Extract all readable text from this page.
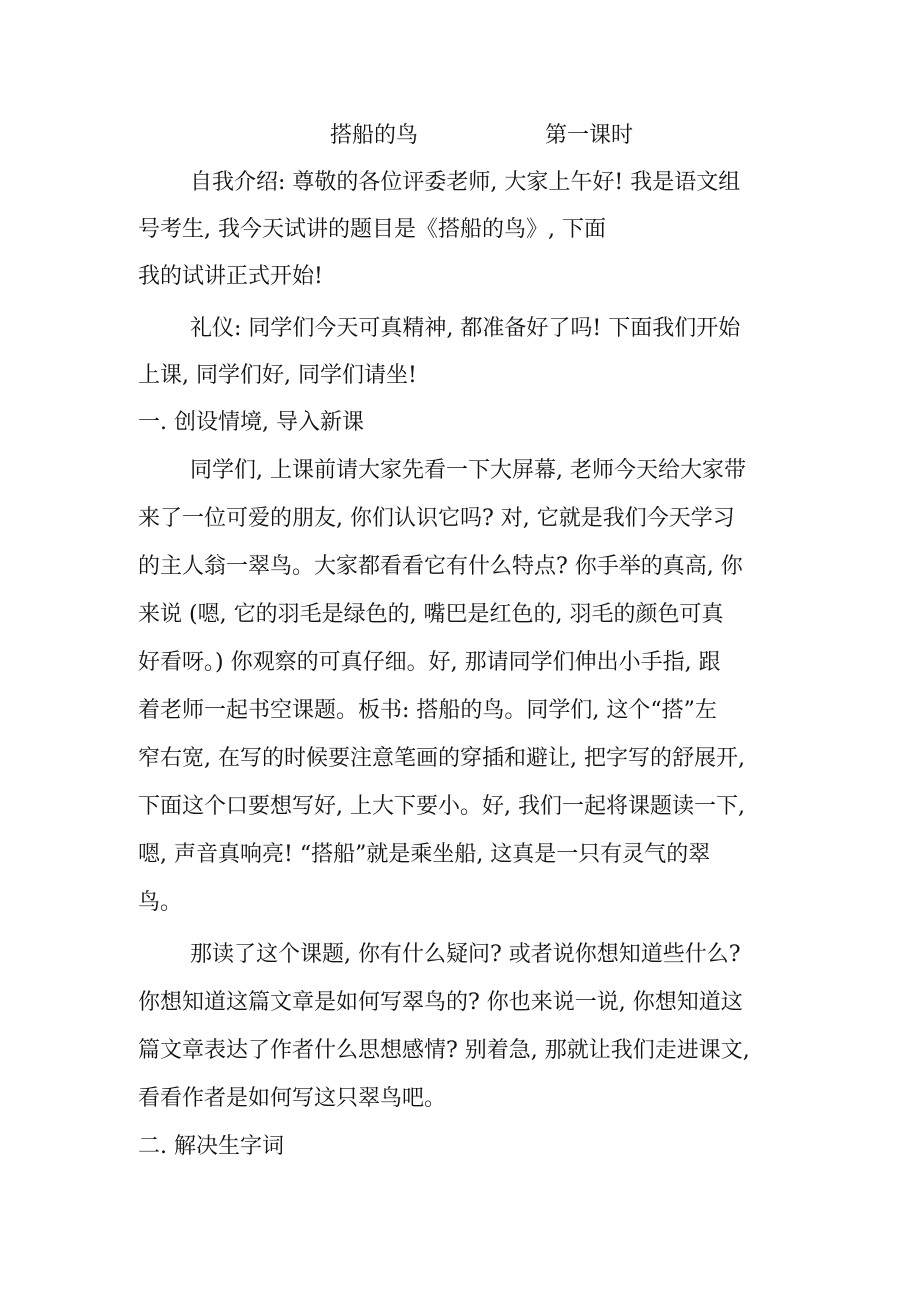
搭船的鸟	第一课时
自我介绍: 尊敬的各位评委老师, 大家上午好! 我是语文组
号考生, 我今天试讲的题目是《搭船的鸟》, 下面
我的试讲正式开始!
礼仪: 同学们今天可真精神, 都准备好了吗! 下面我们开始
上课, 同学们好, 同学们请坐!
一. 创设情境, 导入新课
同学们, 上课前请大家先看一下大屏幕, 老师今天给大家带
来了一位可爱的朋友, 你们认识它吗? 对, 它就是我们今天学习
的主人翁一翠鸟。大家都看看它有什么特点? 你手举的真高, 你
来说 (嗯, 它的羽毛是绿色的, 嘴巴是红色的, 羽毛的颜色可真
好看呀。) 你观察的可真仔细。好, 那请同学们伸出小手指, 跟
着老师一起书空课题。板书: 搭船的鸟。同学们, 这个“搭”左
窄右宽, 在写的时候要注意笔画的穿插和避让, 把字写的舒展开,
下面这个口要想写好, 上大下要小。好, 我们一起将课题读一下,
嗯, 声音真响亮! “搭船”就是乘坐船, 这真是一只有灵气的翠
鸟。
那读了这个课题, 你有什么疑问? 或者说你想知道些什么?
你想知道这篇文章是如何写翠鸟的? 你也来说一说, 你想知道这
篇文章表达了作者什么思想感情? 别着急, 那就让我们走进课文,
看看作者是如何写这只翠鸟吧。
二. 解决生字词
